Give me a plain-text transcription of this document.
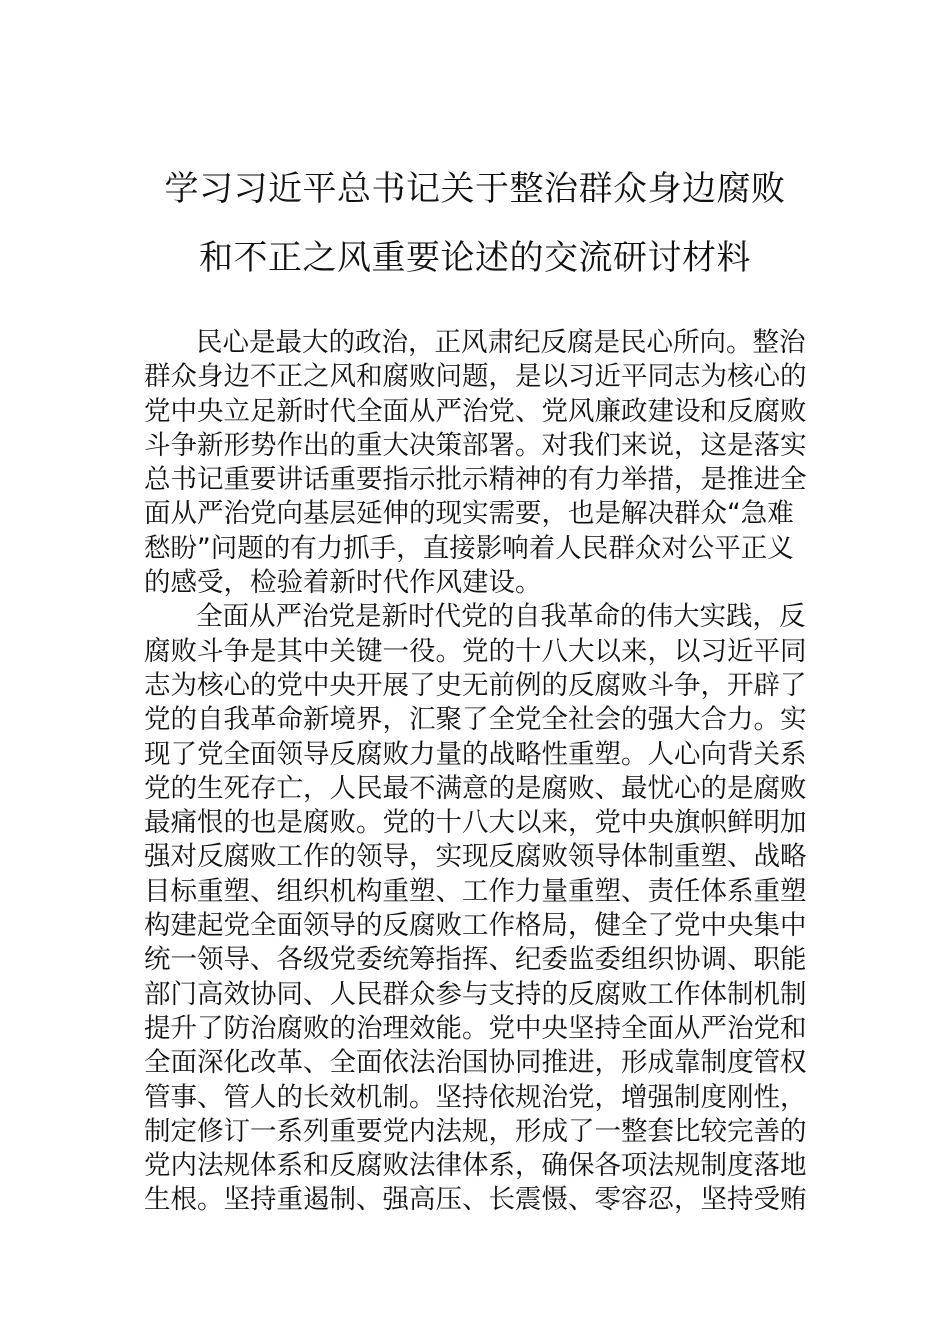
学习习近平总书记关于整治群众身边腐败
和不正之风重要论述的交流研讨材料
民心是最大的政治，正风肃纪反腐是民心所向。整治
群众身边不正之风和腐败问题，是以习近平同志为核心的
党中央立足新时代全面从严治党、党风廉政建设和反腐败
斗争新形势作出的重大决策部署。对我们来说，这是落实
总书记重要讲话重要指示批示精神的有力举措，是推进全
面从严治党向基层延伸的现实需要，也是解决群众“急难
愁盼”问题的有力抓手，直接影响着人民群众对公平正义
的感受，检验着新时代作风建设。
全面从严治党是新时代党的自我革命的伟大实践，反
腐败斗争是其中关键一役。党的十八大以来，以习近平同
志为核心的党中央开展了史无前例的反腐败斗争，开辟了
党的自我革命新境界，汇聚了全党全社会的强大合力。实
现了党全面领导反腐败力量的战略性重塑。人心向背关系
党的生死存亡，人民最不满意的是腐败、最忧心的是腐败
最痛恨的也是腐败。党的十八大以来，党中央旗帜鲜明加
强对反腐败工作的领导，实现反腐败领导体制重塑、战略
目标重塑、组织机构重塑、工作力量重塑、责任体系重塑
构建起党全面领导的反腐败工作格局，健全了党中央集中
统一领导、各级党委统筹指挥、纪委监委组织协调、职能
部门高效协同、人民群众参与支持的反腐败工作体制机制
提升了防治腐败的治理效能。党中央坚持全面从严治党和
全面深化改革、全面依法治国协同推进，形成靠制度管权
管事、管人的长效机制。坚持依规治党，增强制度刚性，
制定修订一系列重要党内法规，形成了一整套比较完善的
党内法规体系和反腐败法律体系，确保各项法规制度落地
生根。坚持重遏制、强高压、长震慑、零容忍，坚持受贿
